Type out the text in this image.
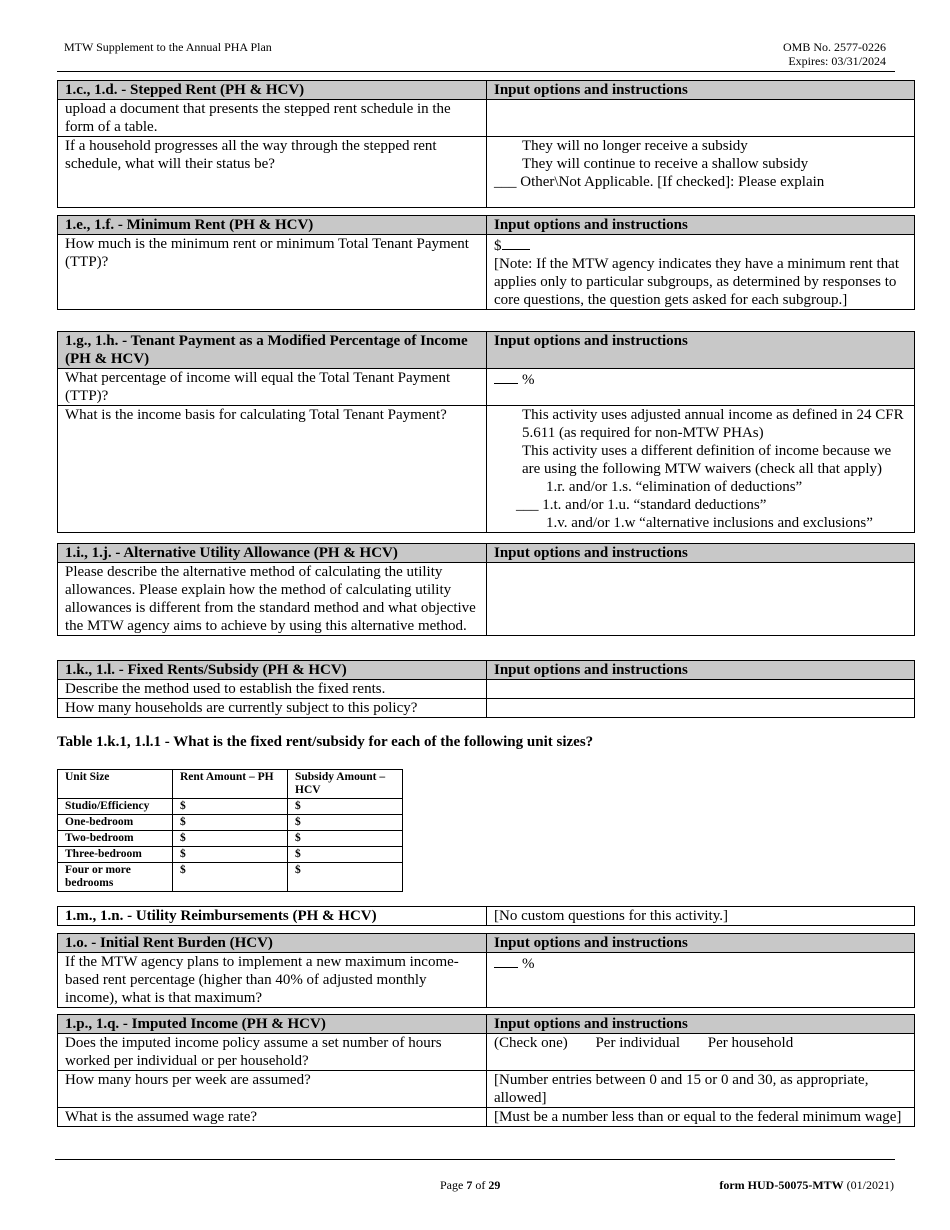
MTW Supplement to the Annual PHA Plan	OMB No. 2577-0226
Expires: 03/31/2024
1.c., 1.d. - Stepped Rent (PH & HCV)	Input options and instructions
upload a document that presents the stepped rent schedule in the form of a table.	
If a household progresses all the way through the stepped rent schedule, what will their status be?	They will no longer receive a subsidy
They will continue to receive a shallow subsidy
___ Other\Not Applicable. [If checked]: Please explain
1.e., 1.f. - Minimum Rent (PH & HCV)	Input options and instructions
How much is the minimum rent or minimum Total Tenant Payment (TTP)?	$
[Note: If the MTW agency indicates they have a minimum rent that applies only to particular subgroups, as determined by responses to core questions, the question gets asked for each subgroup.]
1.g., 1.h. - Tenant Payment as a Modified Percentage of Income (PH & HCV)	Input options and instructions
What percentage of income will equal the Total Tenant Payment (TTP)?	%
What is the income basis for calculating Total Tenant Payment?	This activity uses adjusted annual income as defined in 24 CFR 5.611 (as required for non-MTW PHAs)
This activity uses a different definition of income because we are using the following MTW waivers (check all that apply)
1.r. and/or 1.s. “elimination of deductions”
___ 1.t. and/or 1.u. “standard deductions”
1.v. and/or 1.w “alternative inclusions and exclusions”
1.i., 1.j. - Alternative Utility Allowance (PH & HCV)	Input options and instructions
Please describe the alternative method of calculating the utility allowances. Please explain how the method of calculating utility allowances is different from the standard method and what objective the MTW agency aims to achieve by using this alternative method.	
1.k., 1.l. - Fixed Rents/Subsidy (PH & HCV)	Input options and instructions
Describe the method used to establish the fixed rents.	
How many households are currently subject to this policy?	
Table 1.k.1, 1.l.1 - What is the fixed rent/subsidy for each of the following unit sizes?
Unit Size	Rent Amount – PH	Subsidy Amount – HCV
Studio/Efficiency	$	$
One-bedroom	$	$
Two-bedroom	$	$
Three-bedroom	$	$
Four or more bedrooms	$	$
1.m., 1.n. - Utility Reimbursements (PH & HCV)	[No custom questions for this activity.]
1.o. - Initial Rent Burden (HCV)	Input options and instructions
If the MTW agency plans to implement a new maximum income-based rent percentage (higher than 40% of adjusted monthly income), what is that maximum?	%
1.p., 1.q. - Imputed Income (PH & HCV)	Input options and instructions
Does the imputed income policy assume a set number of hours worked per individual or per household?	(Check one) Per individual Per household
How many hours per week are assumed?	[Number entries between 0 and 15 or 0 and 30, as appropriate, allowed]
What is the assumed wage rate?	[Must be a number less than or equal to the federal minimum wage]
Page 7 of 29	form HUD-50075-MTW (01/2021)
